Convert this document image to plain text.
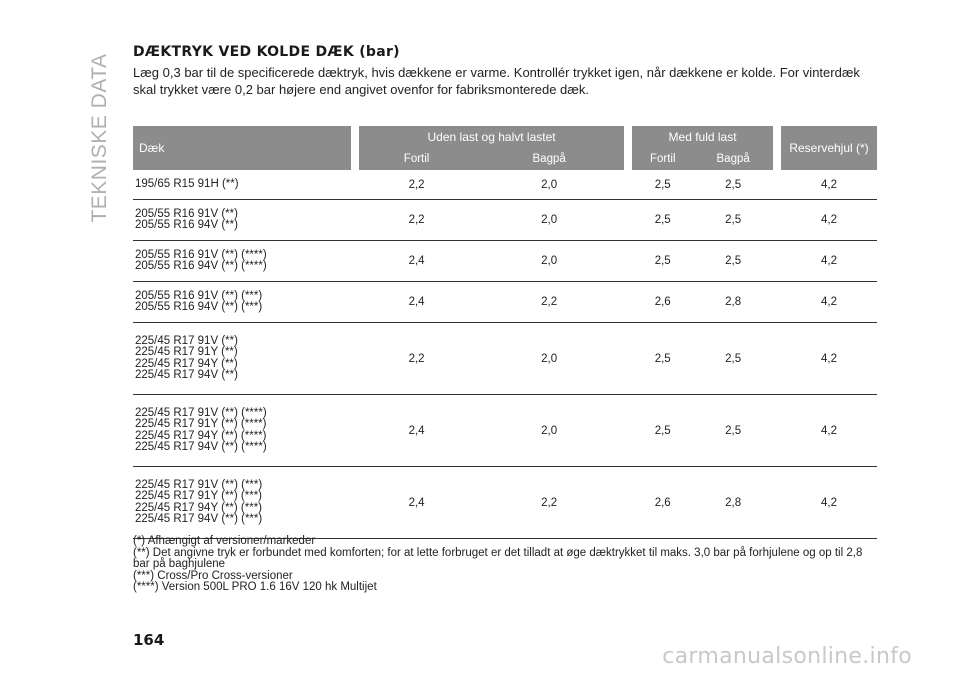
TEKNISKE DATA
DÆKTRYK VED KOLDE DÆK (bar)

Læg 0,3 bar til de specificerede dæktryk, hvis dækkene er varme. Kontrollér trykket igen, når dækkene er kolde. For vinterdæk skal trykket være 0,2 bar højere end angivet ovenfor for fabriksmonterede dæk.

Dæk		Uden last og halvt lastet			Med fuld last			Reservehjul (*)
		Fortil	Bagpå		Fortil	Bagpå		

195/65 R15 91H (**)		2,2	2,0		2,5	2,5		4,2

205/55 R16 91V (**)
205/55 R16 94V (**)		2,2	2,0		2,5	2,5		4,2

205/55 R16 91V (**) (****)
205/55 R16 94V (**) (****)		2,4	2,0		2,5	2,5		4,2

205/55 R16 91V (**) (***)
205/55 R16 94V (**) (***)		2,4	2,2		2,6	2,8		4,2

225/45 R17 91V (**)
225/45 R17 91Y (**)
225/45 R17 94Y (**)
225/45 R17 94V (**)		2,2	2,0		2,5	2,5		4,2

225/45 R17 91V (**) (****)
225/45 R17 91Y (**) (****)
225/45 R17 94Y (**) (****)
225/45 R17 94V (**) (****)		2,4	2,0		2,5	2,5		4,2

225/45 R17 91V (**) (***)
225/45 R17 91Y (**) (***)
225/45 R17 94Y (**) (***)
225/45 R17 94V (**) (***)		2,4	2,2		2,6	2,8		4,2

(*) Afhængigt af versioner/markeder

(**) Det angivne tryk er forbundet med komforten; for at lette forbruget er det tilladt at øge dæktrykket til maks. 3,0 bar på forhjulene og op til 2,8 bar på baghjulene

(***) Cross/Pro Cross-versioner

(****) Version 500L PRO 1.6 16V 120 hk Multijet

164
carmanualsonline.info
